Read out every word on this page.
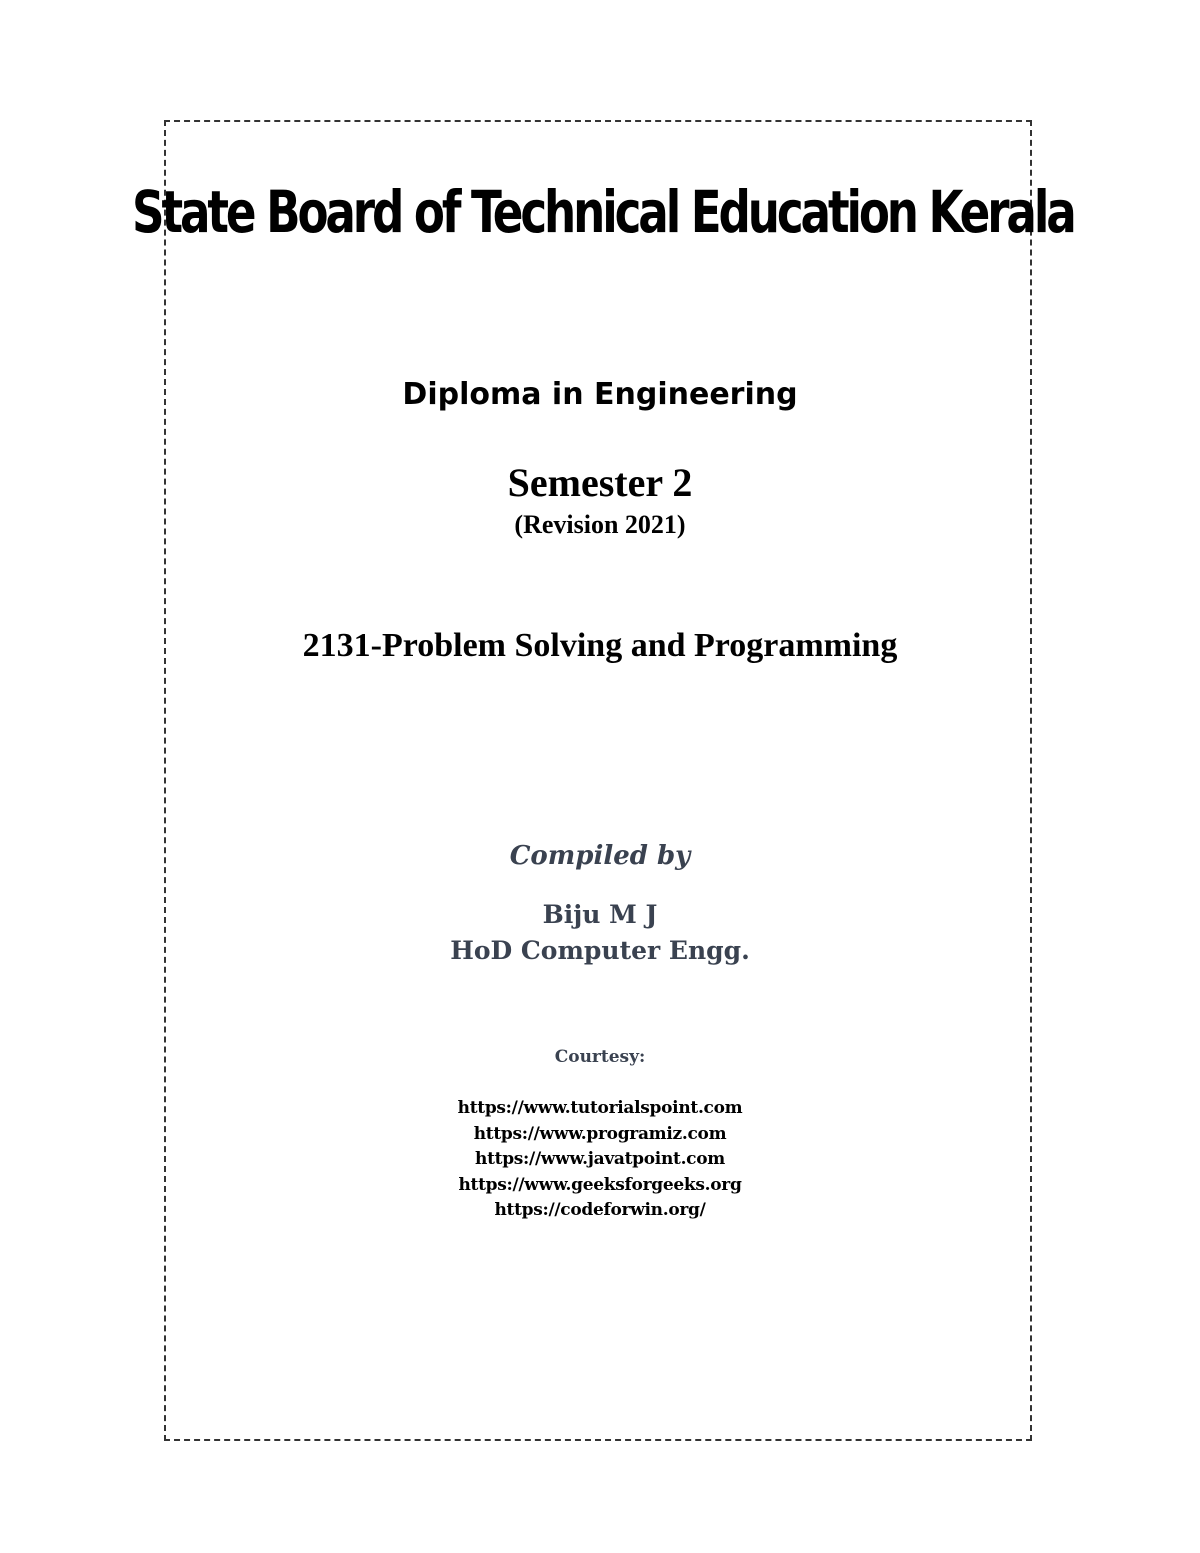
State Board of Technical Education Kerala
Diploma in Engineering
Semester 2
(Revision 2021)
2131-Problem Solving and Programming
Compiled by
Biju M J
HoD Computer Engg.
Courtesy:
https://www.tutorialspoint.com
https://www.programiz.com
https://www.javatpoint.com
https://www.geeksforgeeks.org
https://codeforwin.org/
